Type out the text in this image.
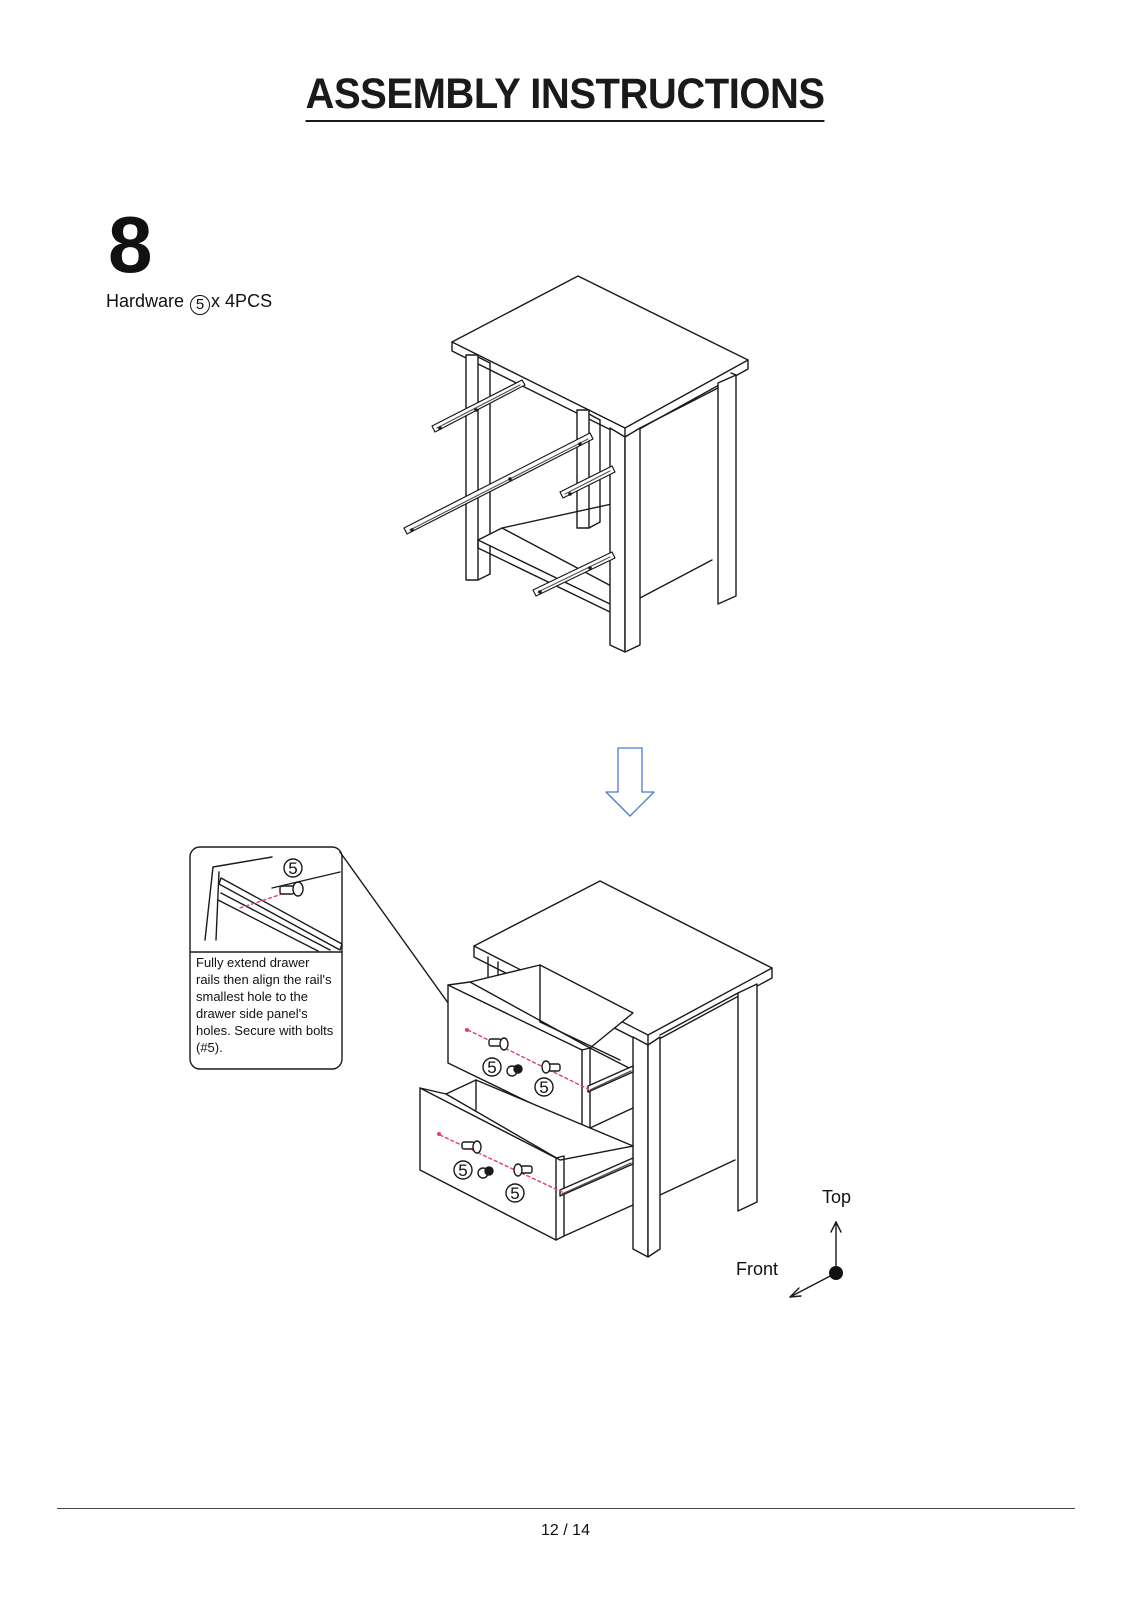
ASSEMBLY INSTRUCTIONS
8
Hardware 5 x 4PCS
5
5
5
5
5
Fully extend drawer rails then align the rail's smallest hole to the drawer side panel's holes. Secure with bolts (#5).
Top
Front
12 / 14
